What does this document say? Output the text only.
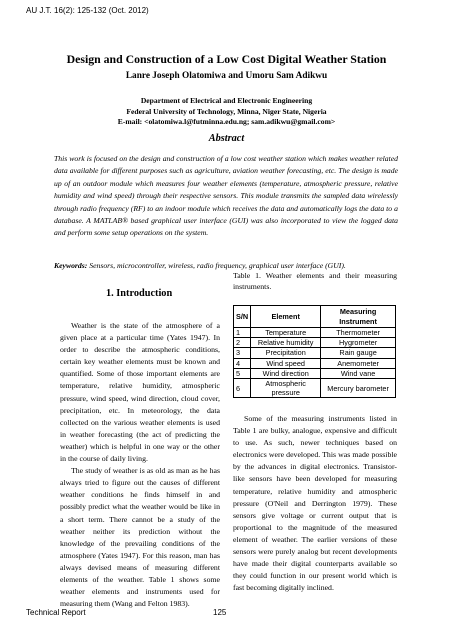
AU J.T. 16(2): 125-132 (Oct. 2012)
Design and Construction of a Low Cost Digital Weather Station
Lanre Joseph Olatomiwa and Umoru Sam Adikwu
Department of Electrical and Electronic Engineering
Federal University of Technology, Minna, Niger State, Nigeria
E-mail: <olatomiwa.l@futminna.edu.ng; sam.adikwu@gmail.com>
Abstract
This work is focused on the design and construction of a low cost weather station which makes weather related data available for different purposes such as agriculture, aviation weather forecasting, etc. The design is made up of an outdoor module which measures four weather elements (temperature, atmospheric pressure, relative humidity and wind speed) through their respective sensors. This module transmits the sampled data wirelessly through radio frequency (RF) to an indoor module which receives the data and automatically logs the data to a database. A MATLAB® based graphical user interface (GUI) was also incorporated to view the logged data and perform some setup operations on the system.
Keywords: Sensors, microcontroller, wireless, radio frequency, graphical user interface (GUI).
1. Introduction

Weather is the state of the atmosphere of a given place at a particular time (Yates 1947). In order to describe the atmospheric conditions, certain key weather elements must be known and quantified. Some of those important elements are temperature, relative humidity, atmospheric pressure, wind speed, wind direction, cloud cover, precipitation, etc. In meteorology, the data collected on the various weather elements is used in weather forecasting (the act of predicting the weather) which is helpful in one way or the other in the course of daily living.

The study of weather is as old as man as he has always tried to figure out the causes of different weather conditions he finds himself in and possibly predict what the weather would be like in a short term. There cannot be a study of the weather neither its prediction without the knowledge of the prevailing conditions of the atmosphere (Yates 1947). For this reason, man has always devised means of measuring different elements of the weather. Table 1 shows some weather elements and instruments used for measuring them (Wang and Felton 1983).

Table 1. Weather elements and their measuring instruments.
S/N	Element	Measuring Instrument
1	Temperature	Thermometer
2	Relative humidity	Hygrometer
3	Precipitation	Rain gauge
4	Wind speed	Anemometer
5	Wind direction	Wind vane
6	Atmospheric pressure	Mercury barometer

Some of the measuring instruments listed in Table 1 are bulky, analogue, expensive and difficult to use. As such, newer techniques based on electronics were developed. This was made possible by the advances in digital electronics. Transistor-like sensors have been developed for measuring temperature, relative humidity and atmospheric pressure (O'Neil and Derrington 1979). These sensors give voltage or current output that is proportional to the magnitude of the measured element of weather. The earlier versions of these sensors were purely analog but recent developments have made their digital counterparts available so they could function in our present world which is fast becoming digitally inclined.

Technical Report	125
